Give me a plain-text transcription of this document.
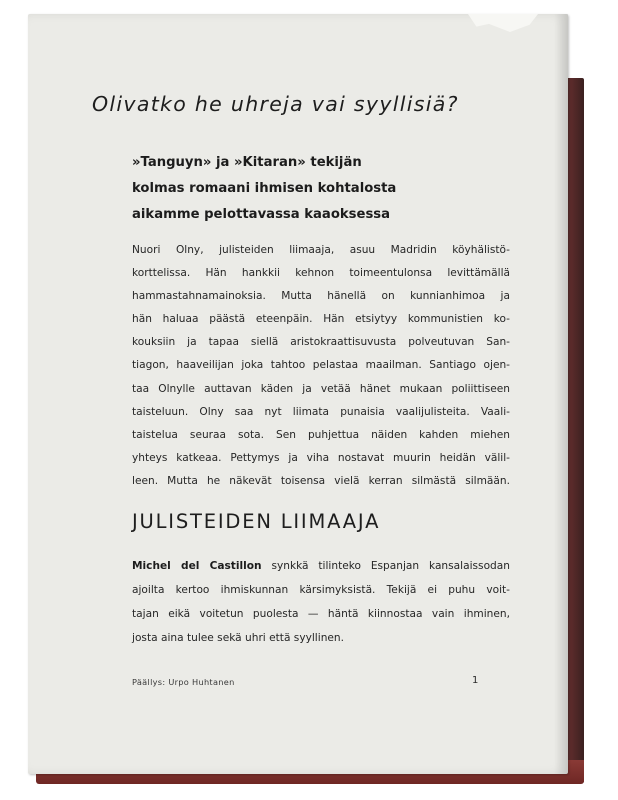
Olivatko he uhreja vai syyllisiä?
»Tanguyn» ja »Kitaran» tekijän
kolmas romaani ihmisen kohtalosta
aikamme pelottavassa kaaoksessa
Nuori Olny, julisteiden liimaaja, asuu Madridin köyhälistö-
korttelissa. Hän hankkii kehnon toimeentulonsa levittämällä
hammastahnamainoksia. Mutta hänellä on kunnianhimoa ja
hän haluaa päästä eteenpäin. Hän etsiytyy kommunistien ko-
kouksiin ja tapaa siellä aristokraattisuvusta polveutuvan San-
tiagon, haaveilijan joka tahtoo pelastaa maailman. Santiago ojen-
taa Olnylle auttavan käden ja vetää hänet mukaan poliittiseen
taisteluun. Olny saa nyt liimata punaisia vaalijulisteita. Vaali-
taistelua seuraa sota. Sen puhjettua näiden kahden miehen
yhteys katkeaa. Pettymys ja viha nostavat muurin heidän välil-
leen. Mutta he näkevät toisensa vielä kerran silmästä silmään.
JULISTEIDEN LIIMAAJA
Michel del Castillon synkkä tilinteko Espanjan kansalaissodan
ajoilta kertoo ihmiskunnan kärsimyksistä. Tekijä ei puhu voit-
tajan eikä voitetun puolesta — häntä kiinnostaa vain ihminen,
josta aina tulee sekä uhri että syyllinen.
Päällys: Urpo Huhtanen	1
